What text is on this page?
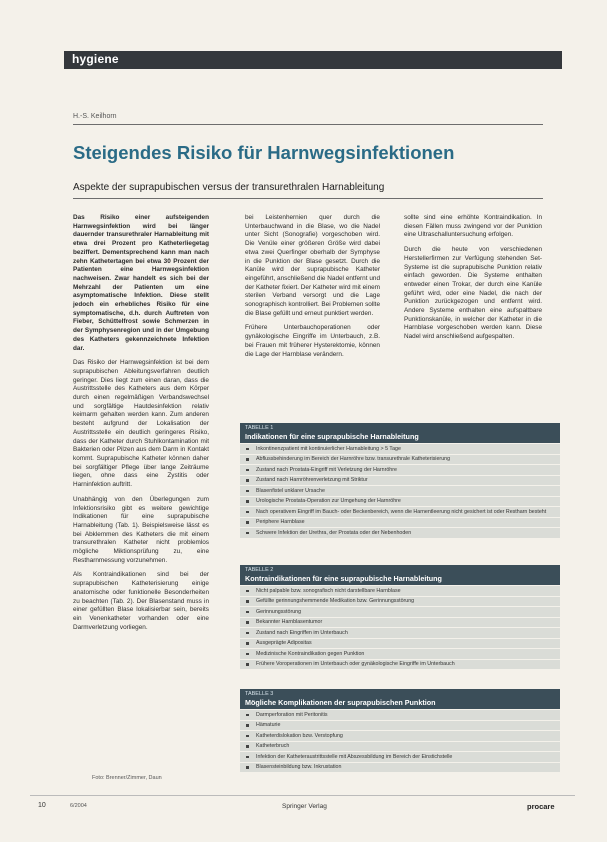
hygiene
H.-S. Keilhorn
Steigendes Risiko für Harnwegsinfektionen
Aspekte der suprapubischen versus der transurethralen Harnableitung

Das Risiko einer aufsteigenden Harnwegsinfektion wird bei länger dauernder transurethraler Harnableitung mit etwa drei Prozent pro Katheterliegetag beziffert. Dementsprechend kann man nach zehn Kathetertagen bei etwa 30 Prozent der Patienten eine Harnwegsinfektion nachweisen. Zwar handelt es sich bei der Mehrzahl der Patienten um eine asymptomatische Infektion. Diese stellt jedoch ein erhebliches Risiko für eine symptomatische, d.h. durch Auftreten von Fieber, Schüttelfrost sowie Schmerzen in der Symphysenregion und in der Umgebung des Katheters gekennzeichnete Infektion dar.

Das Risiko der Harnwegsinfektion ist bei dem suprapubischen Ableitungsverfahren deutlich geringer. Dies liegt zum einen daran, dass die Austrittsstelle des Katheters aus dem Körper durch einen regelmäßigen Verbandswechsel und sorgfältige Hautdesinfektion relativ keimarm gehalten werden kann. Zum anderen besteht aufgrund der Lokalisation der Austrittsstelle ein deutlich geringeres Risiko, dass der Katheter durch Stuhlkontamination mit Bakterien oder Pilzen aus dem Darm in Kontakt kommt. Suprapubische Katheter können daher bei sorgfältiger Pflege über lange Zeiträume liegen, ohne dass eine Zystitis oder Harninfektion auftritt.

Unabhängig von den Überlegungen zum Infektionsrisiko gibt es weitere gewichtige Indikationen für eine suprapubische Harnableitung (Tab. 1). Beispielsweise lässt es bei Abklemmen des Katheters die mit einem transurethralen Katheter nicht problemlos mögliche Miktionsprüfung zu, eine Restharnmessung vorzunehmen.

Als Kontraindikationen sind bei der suprapubischen Katheterisierung einige anatomische oder funktionelle Besonderheiten zu beachten (Tab. 2). Der Blasenstand muss in einer gefüllten Blase lokalisierbar sein, bereits ein Venenkatheter vorhanden oder eine Darmverletzung vorliegen.

bei Leistenhernien quer durch die Unterbauchwand in die Blase, wo die Nadel unter Sicht (Sonografie) vorgeschoben wird. Die Venüle einer größeren Größe wird dabei etwa zwei Querfinger oberhalb der Symphyse in die Punktion der Blase gesetzt. Durch die Kanüle wird der suprapubische Katheter eingeführt, anschließend die Nadel entfernt und der Katheter fixiert. Der Katheter wird mit einem sterilen Verband versorgt und die Lage sonographisch kontrolliert. Bei Problemen sollte die Blase gefüllt und erneut punktiert werden.

Frühere Unterbauchoperationen oder gynäkologische Eingriffe im Unterbauch, z.B. bei Frauen mit früherer Hysterektomie, können die Lage der Harnblase verändern.

sollte sind eine erhöhte Kontraindikation. In diesen Fällen muss zwingend vor der Punktion eine Ultraschalluntersuchung erfolgen.

Durch die heute von verschiedenen Herstellerfirmen zur Verfügung stehenden Set-Systeme ist die suprapubische Punktion relativ einfach geworden. Die Systeme enthalten entweder einen Trokar, der durch eine Kanüle geführt wird, oder eine Nadel, die nach der Punktion zurückgezogen und entfernt wird. Andere Systeme enthalten eine aufspaltbare Punktionskanüle, in welcher der Katheter in die Harnblase vorgeschoben werden kann. Diese Nadel wird anschließend aufgespalten.

TABELLE 1
Indikationen für eine suprapubische Harnableitung
Inkontinenzpatient mit kontinuierlicher Harnableitung > 5 Tage
Abflussbehinderung im Bereich der Harnröhre bzw. transurethrale Katheterisierung
Zustand nach Prostata-Eingriff mit Verletzung der Harnröhre
Zustand nach Harnröhrenverletzung mit Striktur
Blasenfistel unklarer Ursache
Urologische Prostata-Operation zur Umgehung der Harnröhre
Nach operativem Eingriff im Bauch- oder Beckenbereich, wenn die Harnentleerung nicht gesichert ist oder Restharn besteht
Periphere Harnblase
Schwere Infektion der Urethra, der Prostata oder der Nebenhoden
TABELLE 2
Kontraindikationen für eine suprapubische Harnableitung
Nicht palpable bzw. sonografisch nicht darstellbare Harnblase
Gefüllte gerinnungshemmende Medikation bzw. Gerinnungsstörung
Gerinnungsstörung
Bekannter Harnblasentumor
Zustand nach Eingriffen im Unterbauch
Ausgeprägte Adipositas
Medizinische Kontraindikation gegen Punktion
Frühere Voroperationen im Unterbauch oder gynäkologische Eingriffe im Unterbauch
TABELLE 3
Mögliche Komplikationen der suprapubischen Punktion
Darmperforation mit Peritonitis
Hämaturie
Katheterdislokation bzw. Verstopfung
Katheterbruch
Infektion der Katheteraustrittsstelle mit Abszessbildung im Bereich der Einstichstelle
Blasensteinbildung bzw. Inkrustation
Foto: Brenner/Zimmer, Daun
10	6/2004	Springer Verlag	procare
